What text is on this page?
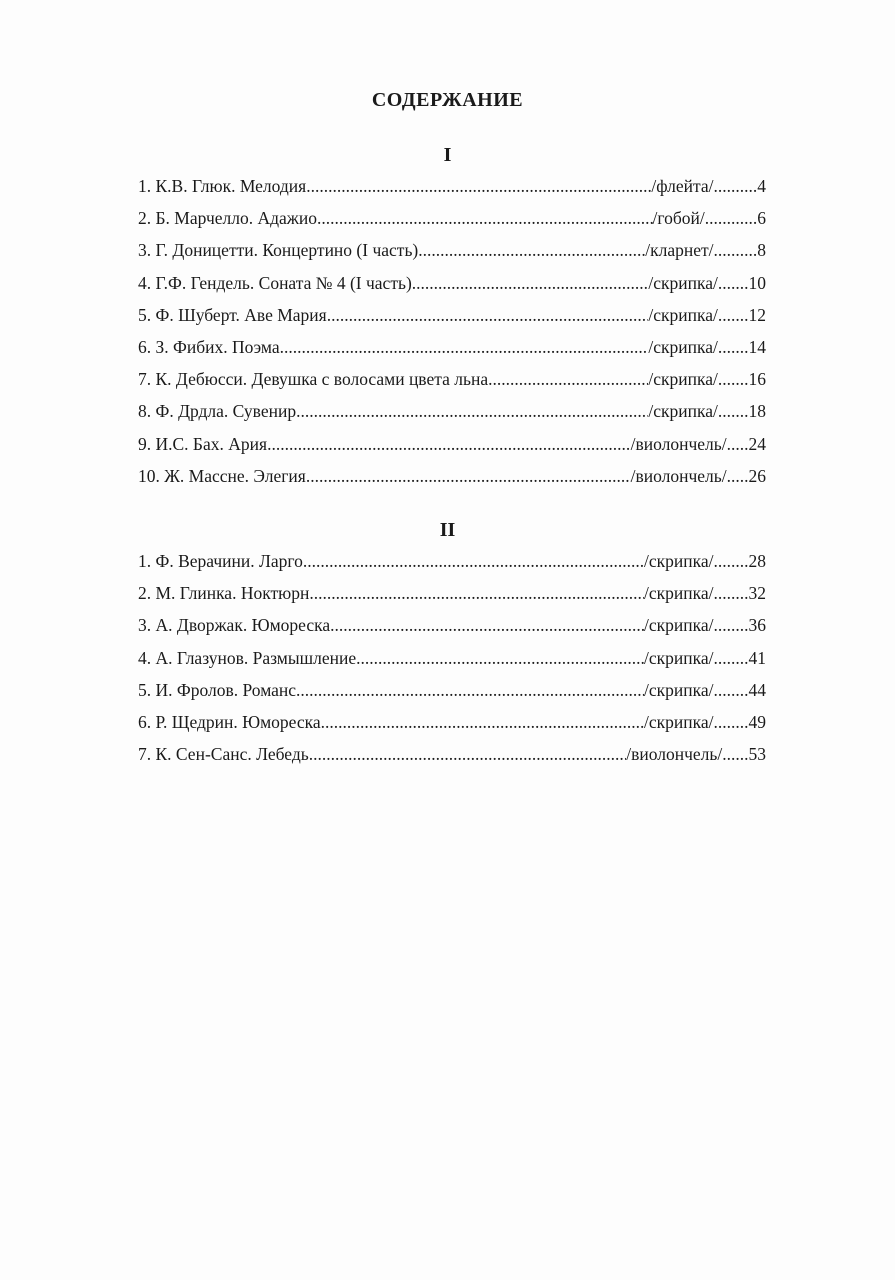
СОДЕРЖАНИЕ
I
1. К.В. Глюк. Мелодия .....	/флейта/ .......... 4
2. Б. Марчелло. Адажио .....	/гобой/ ............ 6
3. Г. Доницетти. Концертино (I часть) .....	/кларнет/ .......... 8
4. Г.Ф. Гендель. Соната № 4 (I часть) .....	/скрипка/ ....... 10
5. Ф. Шуберт. Аве Мария .....	/скрипка/ ....... 12
6. З. Фибих. Поэма .....	/скрипка/ ....... 14
7. К. Дебюсси. Девушка с волосами цвета льна .....	/скрипка/ ....... 16
8. Ф. Дрдла. Сувенир .....	/скрипка/ ....... 18
9. И.С. Бах. Ария .....	/виолончель/ ..... 24
10. Ж. Массне. Элегия .....	/виолончель/ ..... 26
II
1. Ф. Верачини. Ларго .....	/скрипка/ ........ 28
2. М. Глинка. Ноктюрн .....	/скрипка/ ........ 32
3. А. Дворжак. Юмореска .....	/скрипка/ ........ 36
4. А. Глазунов. Размышление .....	/скрипка/ ........ 41
5. И. Фролов. Романс .....	/скрипка/ ........ 44
6. Р. Щедрин. Юмореска .....	/скрипка/ ........ 49
7. К. Сен-Санс. Лебедь .....	/виолончель/ ...... 53
